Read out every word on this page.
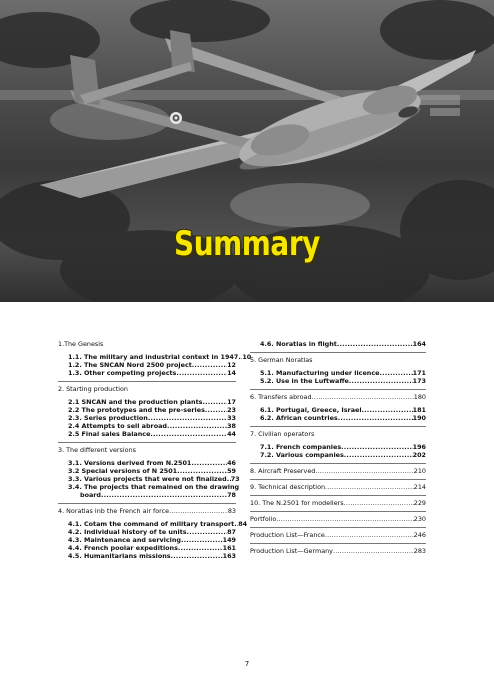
Summary
1.The Genesis
1.1. The military and industrial context in 1947 ..... 10
1.2. The SNCAN Nord 2500 project .....	12
1.3. Other competing projects .....	14
2. Starting production
2.1 SNCAN and the production plants .....	17
2.2 The prototypes and the pre-series .....	23
2.3. Series production .....	33
2.4 Attempts to sell abroad .....	38
2.5 Final sales Balance .....	44
3. The different versions
3.1. Versions derived from N.2501 .....	46
3.2 Special versions of N 2501 .....	59
3.3. Various projects that were not finalized ..... 73
3.4. The projects that remained on the drawing
board .....	78
4. Noratlas inb the French air force .....	83
4.1. Cotam the command of military transport ..... 84
4.2. Individual history of te units .....	87
4.3. Maintenance and servicing .....	149
4.4. French poolar expeditions .....	161
4.5. Humanitarians missions .....	163
4.6. Noratlas in flight .....	164
5. German Noratlas
5.1. Manufacturing under licence .....	171
5.2. Use in the Luftwaffe .....	173
6. Transfers abroad .....	180
6.1. Portugal, Greece, Israel .....	181
6.2. African countries .....	190
7. Civilian operators
7.1. French companies .....	196
7.2. Various companies .....	202
8. Aircraft Preserved .....	210
9. Technical description .....	214
10. The N.2501 for modellers .....	229
Portfolio .....	230
Production List—France .....	246
Production List—Germany .....	283
7
